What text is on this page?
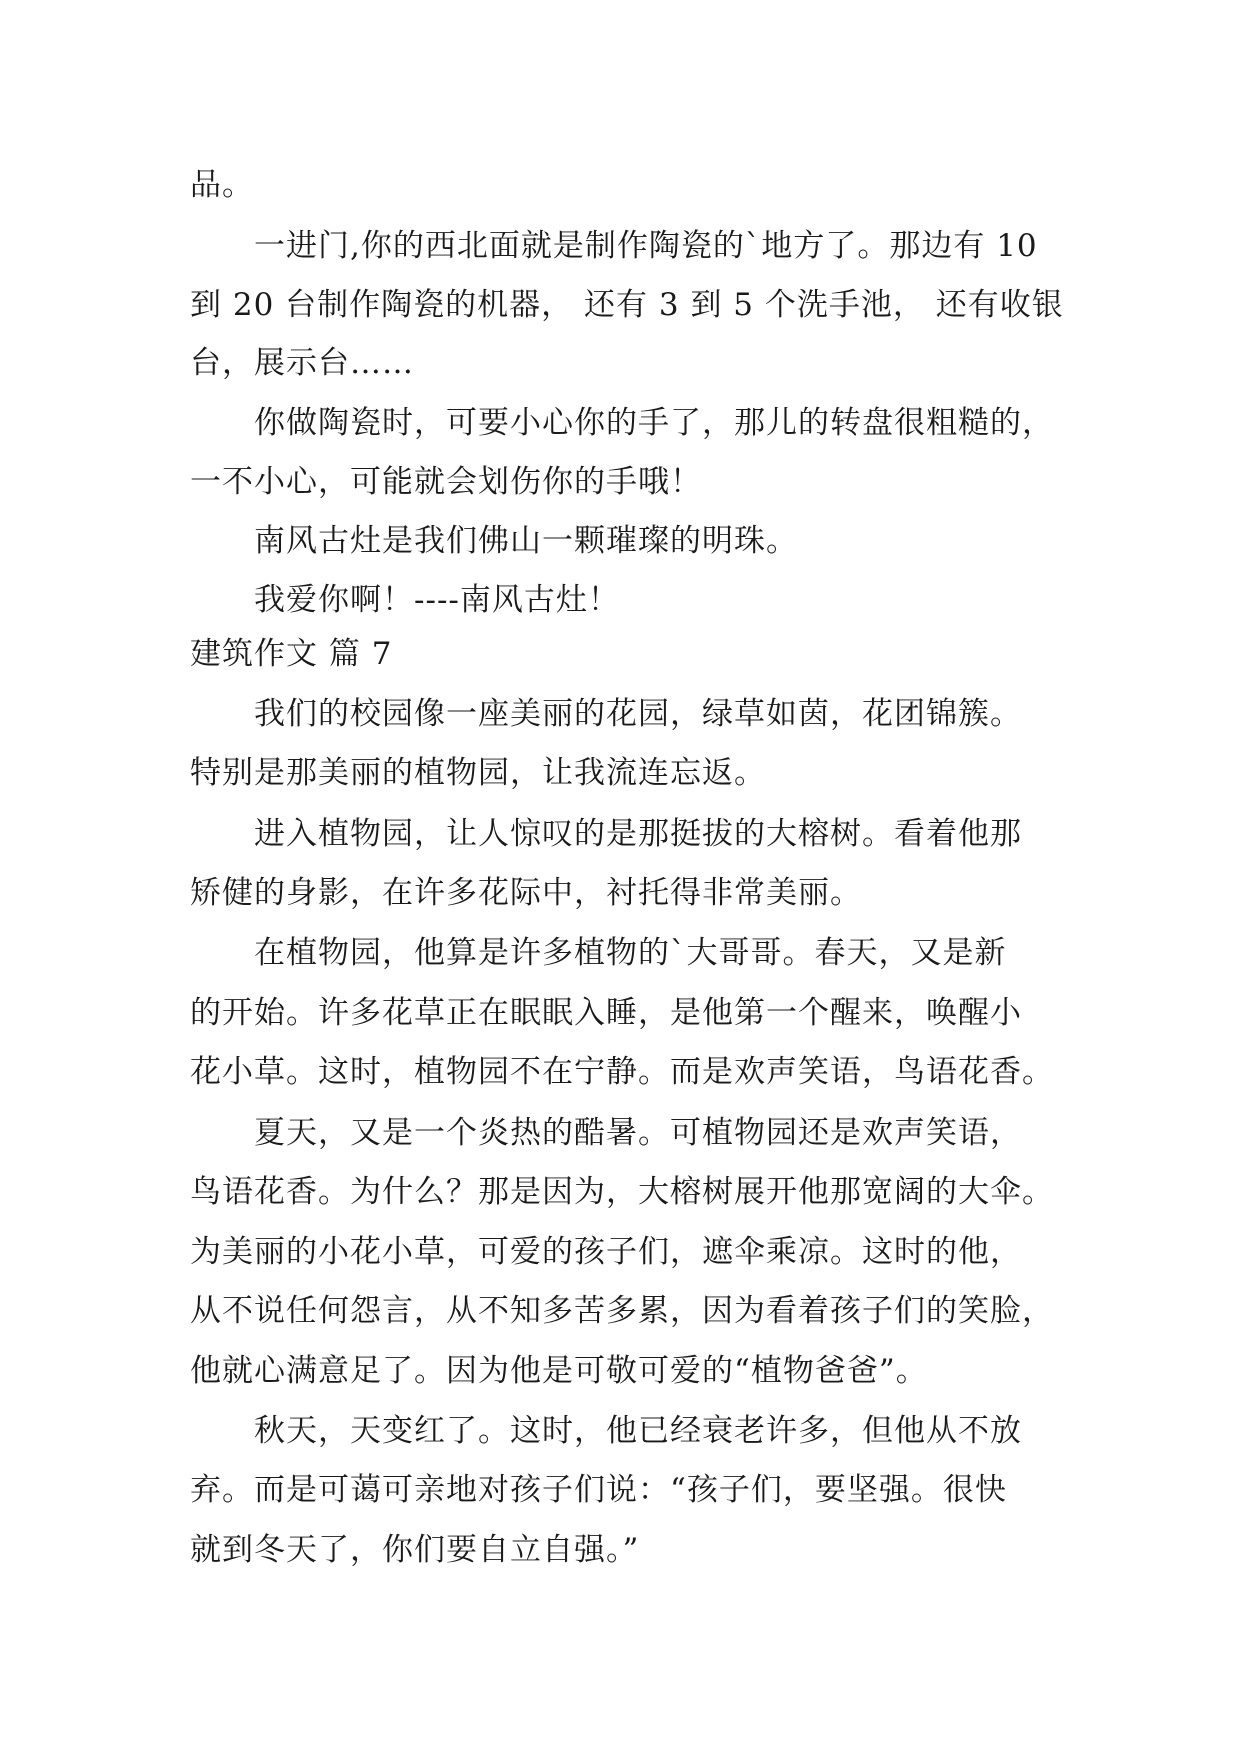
品。
一进门,你的西北面就是制作陶瓷的`地方了。那边有 10
到 20 台制作陶瓷的机器， 还有 3 到 5 个洗手池， 还有收银
台，展示台……
你做陶瓷时，可要小心你的手了，那儿的转盘很粗糙的，
一不小心，可能就会划伤你的手哦！
南风古灶是我们佛山一颗璀璨的明珠。
我爱你啊！----南风古灶！
建筑作文 篇 7
我们的校园像一座美丽的花园，绿草如茵，花团锦簇。
特别是那美丽的植物园，让我流连忘返。
进入植物园，让人惊叹的是那挺拔的大榕树。看着他那
矫健的身影，在许多花际中，衬托得非常美丽。
在植物园，他算是许多植物的`大哥哥。春天，又是新
的开始。许多花草正在眠眠入睡，是他第一个醒来，唤醒小
花小草。这时，植物园不在宁静。而是欢声笑语，鸟语花香。
夏天，又是一个炎热的酷暑。可植物园还是欢声笑语，
鸟语花香。为什么？那是因为，大榕树展开他那宽阔的大伞。
为美丽的小花小草，可爱的孩子们，遮伞乘凉。这时的他，
从不说任何怨言，从不知多苦多累，因为看着孩子们的笑脸，
他就心满意足了。因为他是可敬可爱的“植物爸爸”。
秋天，天变红了。这时，他已经衰老许多，但他从不放
弃。而是可蔼可亲地对孩子们说：“孩子们，要坚强。很快
就到冬天了，你们要自立自强。”
